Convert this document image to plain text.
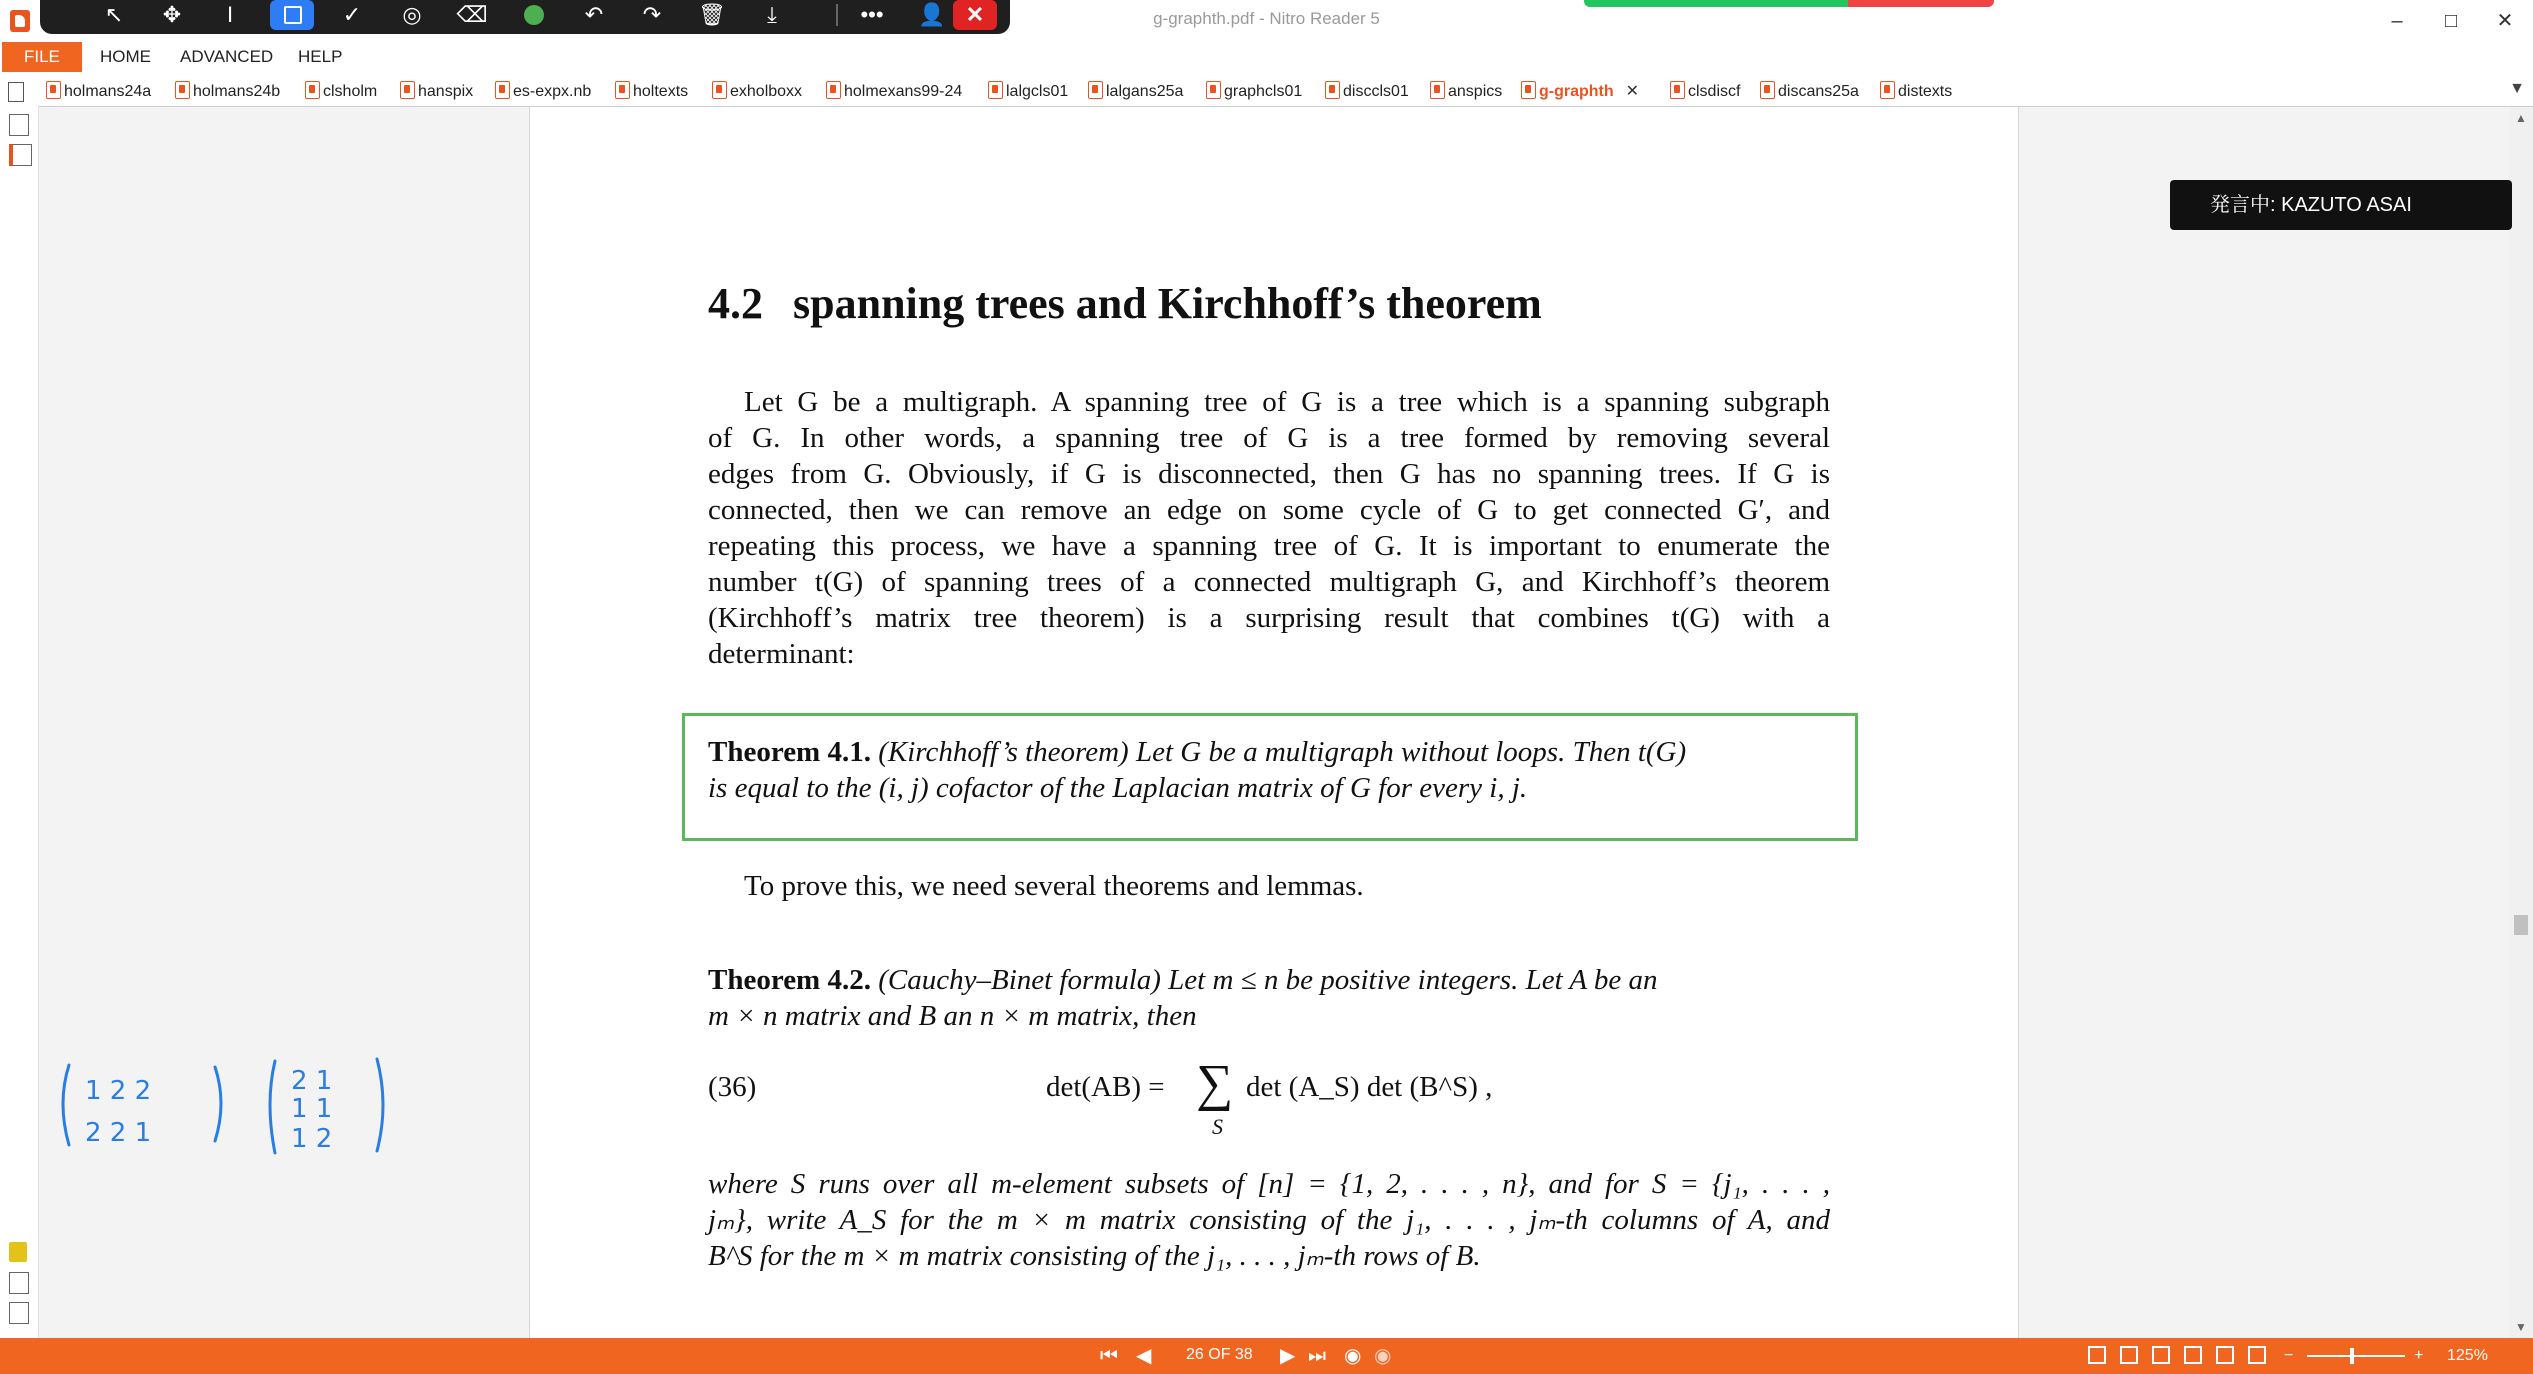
g-graphth.pdf - Nitro Reader 5	–	□	✕
↖	✥	I	✓	◎	⌫	↶	↷	🗑	⤓	•••	👤 ✕
FILE	HOME	ADVANCED	HELP
holmans24a	holmans24b	clsholm	hanspix	es-expx.nb	holtexts	exholboxx	holmexans99-24	lalgcls01	lalgans25a	graphcls01	disccls01	anspics	g-graphth ✕	clsdiscf	discans25a	distexts	▼
▲
▼
発言中: KAZUTO ASAI
4.2 spanning trees and Kirchhoff’s theorem
Let G be a multigraph. A spanning tree of G is a tree which is a spanning subgraph
of G. In other words, a spanning tree of G is a tree formed by removing several
edges from G. Obviously, if G is disconnected, then G has no spanning trees. If G is
connected, then we can remove an edge on some cycle of G to get connected G′, and
repeating this process, we have a spanning tree of G. It is important to enumerate the
number t(G) of spanning trees of a connected multigraph G, and Kirchhoff’s theorem
(Kirchhoff’s matrix tree theorem) is a surprising result that combines t(G) with a
determinant:
Theorem 4.1. (Kirchhoff’s theorem) Let G be a multigraph without loops. Then t(G)
is equal to the (i, j) cofactor of the Laplacian matrix of G for every i, j.
To prove this, we need several theorems and lemmas.
Theorem 4.2. (Cauchy–Binet formula) Let m ≤ n be positive integers. Let A be an
m × n matrix and B an n × m matrix, then
(36)	det(AB) = ∑
S
det (A_S) det (B^S) ,
where S runs over all m-element subsets of [n] = {1, 2, . . . , n}, and for S = {j₁, . . . ,
jₘ}, write A_S for the m × m matrix consisting of the j₁, . . . , jₘ-th columns of A, and
B^S for the m × m matrix consisting of the j₁, . . . , jₘ-th rows of B.
1 2 2
2 2 1
2 1
1 1
1 2
⏮ ◀ 26 OF 38 ▶ ⏭ ◉ ◉	−	+ 125%
